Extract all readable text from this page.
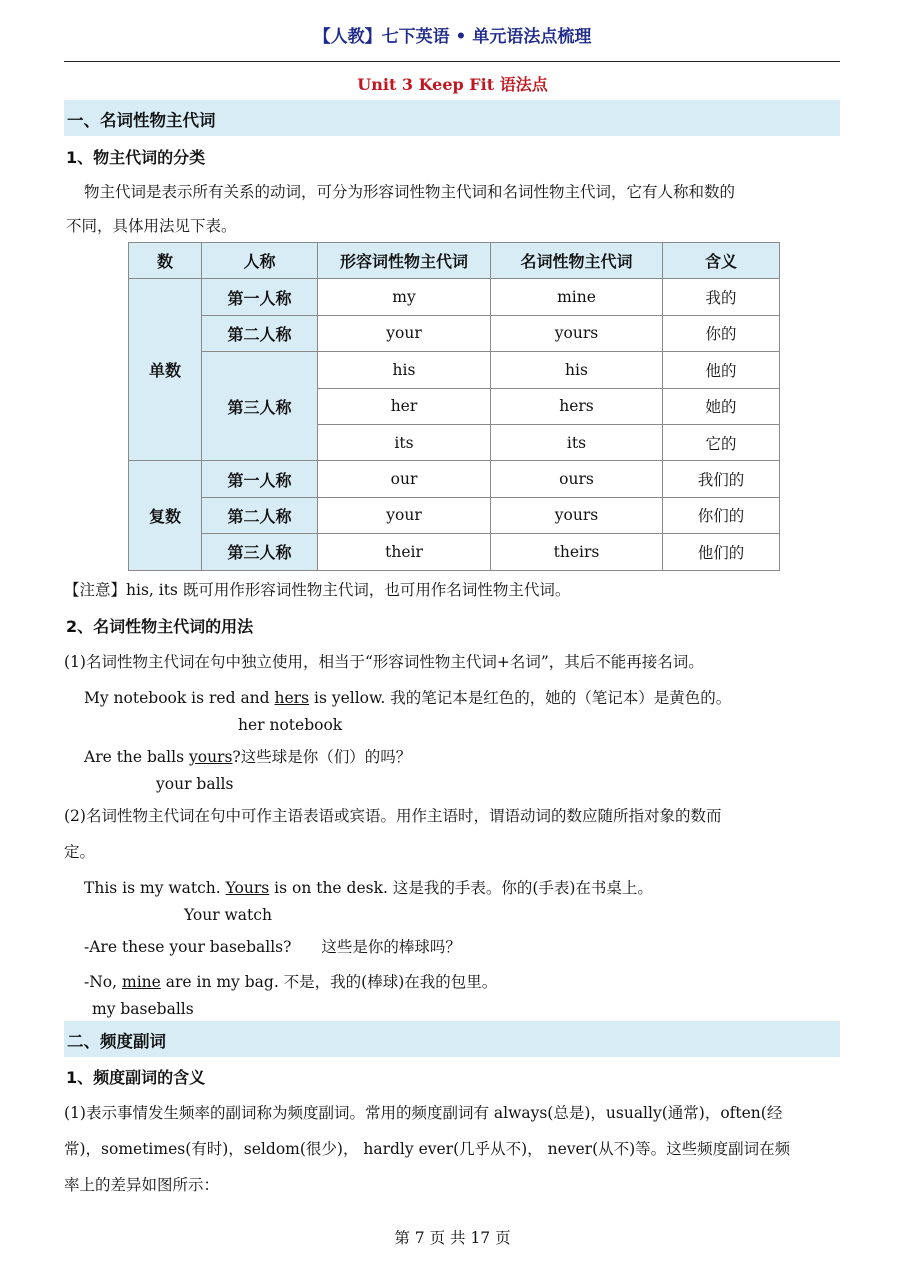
【人教】七下英语 • 单元语法点梳理
Unit 3 Keep Fit 语法点
一、名词性物主代词
1、物主代词的分类
物主代词是表示所有关系的动词，可分为形容词性物主代词和名词性物主代词，它有人称和数的
不同，具体用法见下表。
数	人称	形容词性物主代词	名词性物主代词	含义
单数	第一人称	my	mine	我的
	第二人称	your	yours	你的
	第三人称	his	his	他的
		her	hers	她的
		its	its	它的
复数	第一人称	our	ours	我们的
	第二人称	your	yours	你们的
	第三人称	their	theirs	他们的
【注意】his, its 既可用作形容词性物主代词，也可用作名词性物主代词。
2、名词性物主代词的用法
(1)名词性物主代词在句中独立使用，相当于“形容词性物主代词+名词”，其后不能再接名词。
My notebook is red and hers is yellow. 我的笔记本是红色的，她的（笔记本）是黄色的。
her notebook
Are the balls yours?这些球是你（们）的吗？
your balls
(2)名词性物主代词在句中可作主语表语或宾语。用作主语时，谓语动词的数应随所指对象的数而
定。
This is my watch. Yours is on the desk. 这是我的手表。你的(手表)在书桌上。
Your watch
-Are these your baseballs? 这些是你的棒球吗？
-No, mine are in my bag. 不是，我的(棒球)在我的包里。
my baseballs
二、频度副词
1、频度副词的含义
(1)表示事情发生频率的副词称为频度副词。常用的频度副词有 always(总是)，usually(通常)，often(经
常)，sometimes(有时)，seldom(很少)， hardly ever(几乎从不)， never(从不)等。这些频度副词在频
率上的差异如图所示：
第 7 页 共 17 页
